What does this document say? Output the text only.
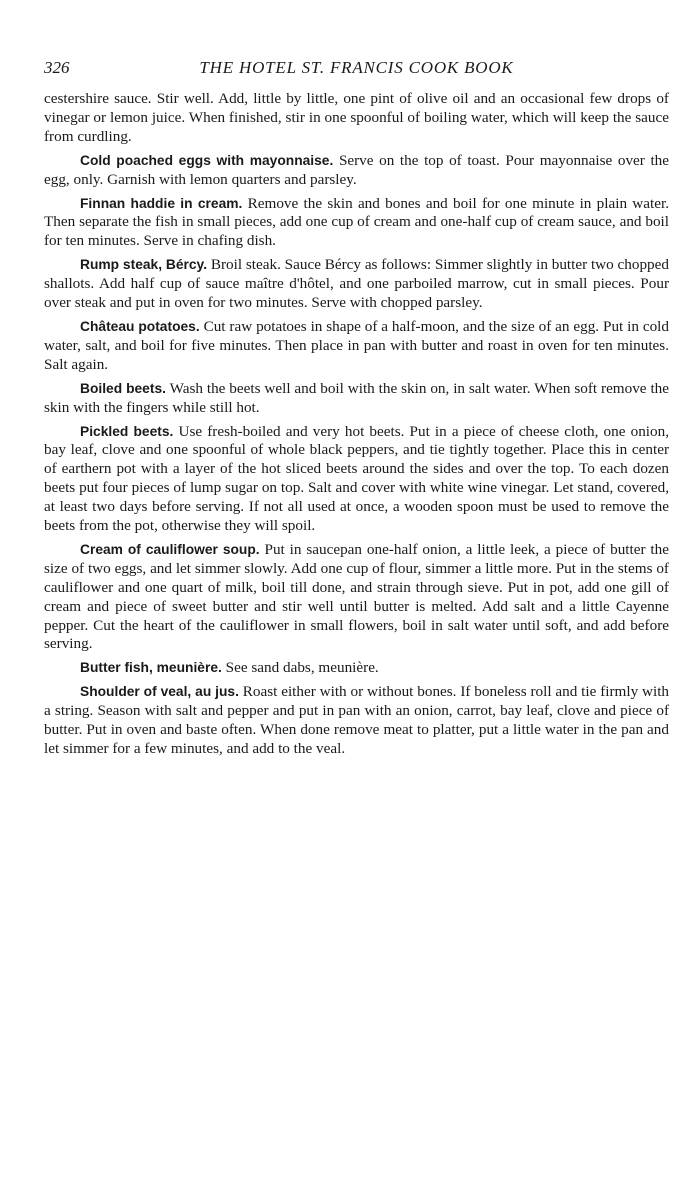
326	THE HOTEL ST. FRANCIS COOK BOOK

cestershire sauce. Stir well. Add, little by little, one pint of olive oil and an occasional few drops of vinegar or lemon juice. When finished, stir in one spoonful of boiling water, which will keep the sauce from curdling.

Cold poached eggs with mayonnaise. Serve on the top of toast. Pour mayonnaise over the egg, only. Garnish with lemon quarters and parsley.

Finnan haddie in cream. Remove the skin and bones and boil for one minute in plain water. Then separate the fish in small pieces, add one cup of cream and one-half cup of cream sauce, and boil for ten minutes. Serve in chafing dish.

Rump steak, Bércy. Broil steak. Sauce Bércy as follows: Simmer slightly in butter two chopped shallots. Add half cup of sauce maître d'hôtel, and one parboiled marrow, cut in small pieces. Pour over steak and put in oven for two minutes. Serve with chopped parsley.

Château potatoes. Cut raw potatoes in shape of a half-moon, and the size of an egg. Put in cold water, salt, and boil for five minutes. Then place in pan with butter and roast in oven for ten minutes. Salt again.

Boiled beets. Wash the beets well and boil with the skin on, in salt water. When soft remove the skin with the fingers while still hot.

Pickled beets. Use fresh-boiled and very hot beets. Put in a piece of cheese cloth, one onion, bay leaf, clove and one spoonful of whole black peppers, and tie tightly together. Place this in center of earthern pot with a layer of the hot sliced beets around the sides and over the top. To each dozen beets put four pieces of lump sugar on top. Salt and cover with white wine vinegar. Let stand, covered, at least two days before serving. If not all used at once, a wooden spoon must be used to remove the beets from the pot, otherwise they will spoil.

Cream of cauliflower soup. Put in saucepan one-half onion, a little leek, a piece of butter the size of two eggs, and let simmer slowly. Add one cup of flour, simmer a little more. Put in the stems of cauliflower and one quart of milk, boil till done, and strain through sieve. Put in pot, add one gill of cream and piece of sweet butter and stir well until butter is melted. Add salt and a little Cayenne pepper. Cut the heart of the cauliflower in small flowers, boil in salt water until soft, and add before serving.

Butter fish, meunière. See sand dabs, meunière.

Shoulder of veal, au jus. Roast either with or without bones. If boneless roll and tie firmly with a string. Season with salt and pepper and put in pan with an onion, carrot, bay leaf, clove and piece of butter. Put in oven and baste often. When done remove meat to platter, put a little water in the pan and let simmer for a few minutes, and add to the veal.
